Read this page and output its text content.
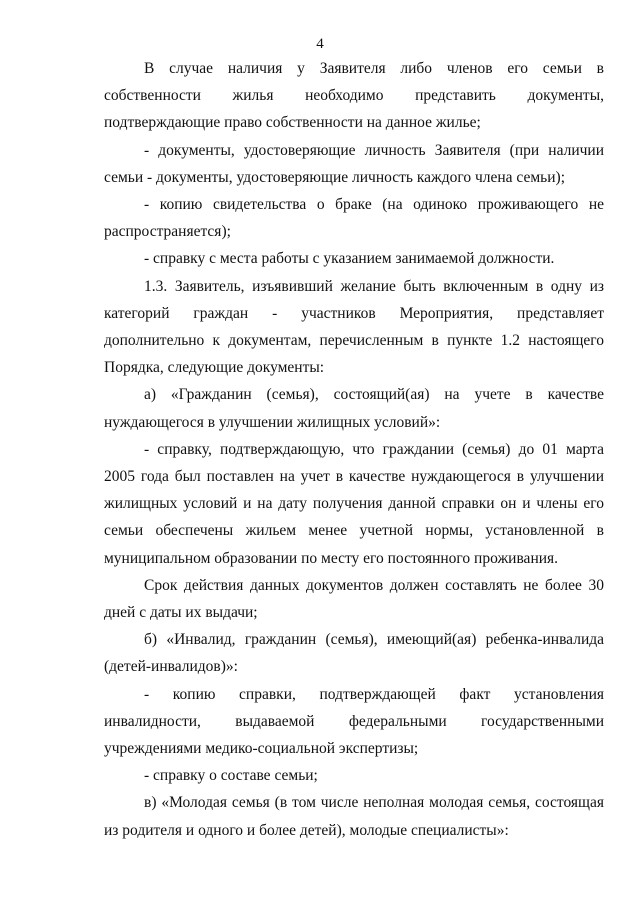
4

В случае наличия у Заявителя либо членов его семьи в собственности жилья необходимо представить документы, подтверждающие право собственности на данное жилье;

- документы, удостоверяющие личность Заявителя (при наличии семьи - документы, удостоверяющие личность каждого члена семьи);

- копию свидетельства о браке (на одиноко проживающего не распространяется);

- справку с места работы с указанием занимаемой должности.

1.3. Заявитель, изъявивший желание быть включенным в одну из категорий граждан - участников Мероприятия, представляет дополнительно к документам, перечисленным в пункте 1.2 настоящего Порядка, следующие документы:

а) «Гражданин (семья), состоящий(ая) на учете в качестве нуждающегося в улучшении жилищных условий»:

- справку, подтверждающую, что граждании (семья) до 01 марта 2005 года был поставлен на учет в качестве нуждающегося в улучшении жилищных условий и на дату получения данной справки он и члены его семьи обеспечены жильем менее учетной нормы, установленной в муниципальном образовании по месту его постоянного проживания.

Срок действия данных документов должен составлять не более 30 дней с даты их выдачи;

б) «Инвалид, гражданин (семья), имеющий(ая) ребенка-инвалида (детей-инвалидов)»:

- копию справки, подтверждающей факт установления инвалидности, выдаваемой федеральными государственными учреждениями медико-социальной экспертизы;

- справку о составе семьи;

в) «Молодая семья (в том числе неполная молодая семья, состоящая из родителя и одного и более детей), молодые специалисты»:
